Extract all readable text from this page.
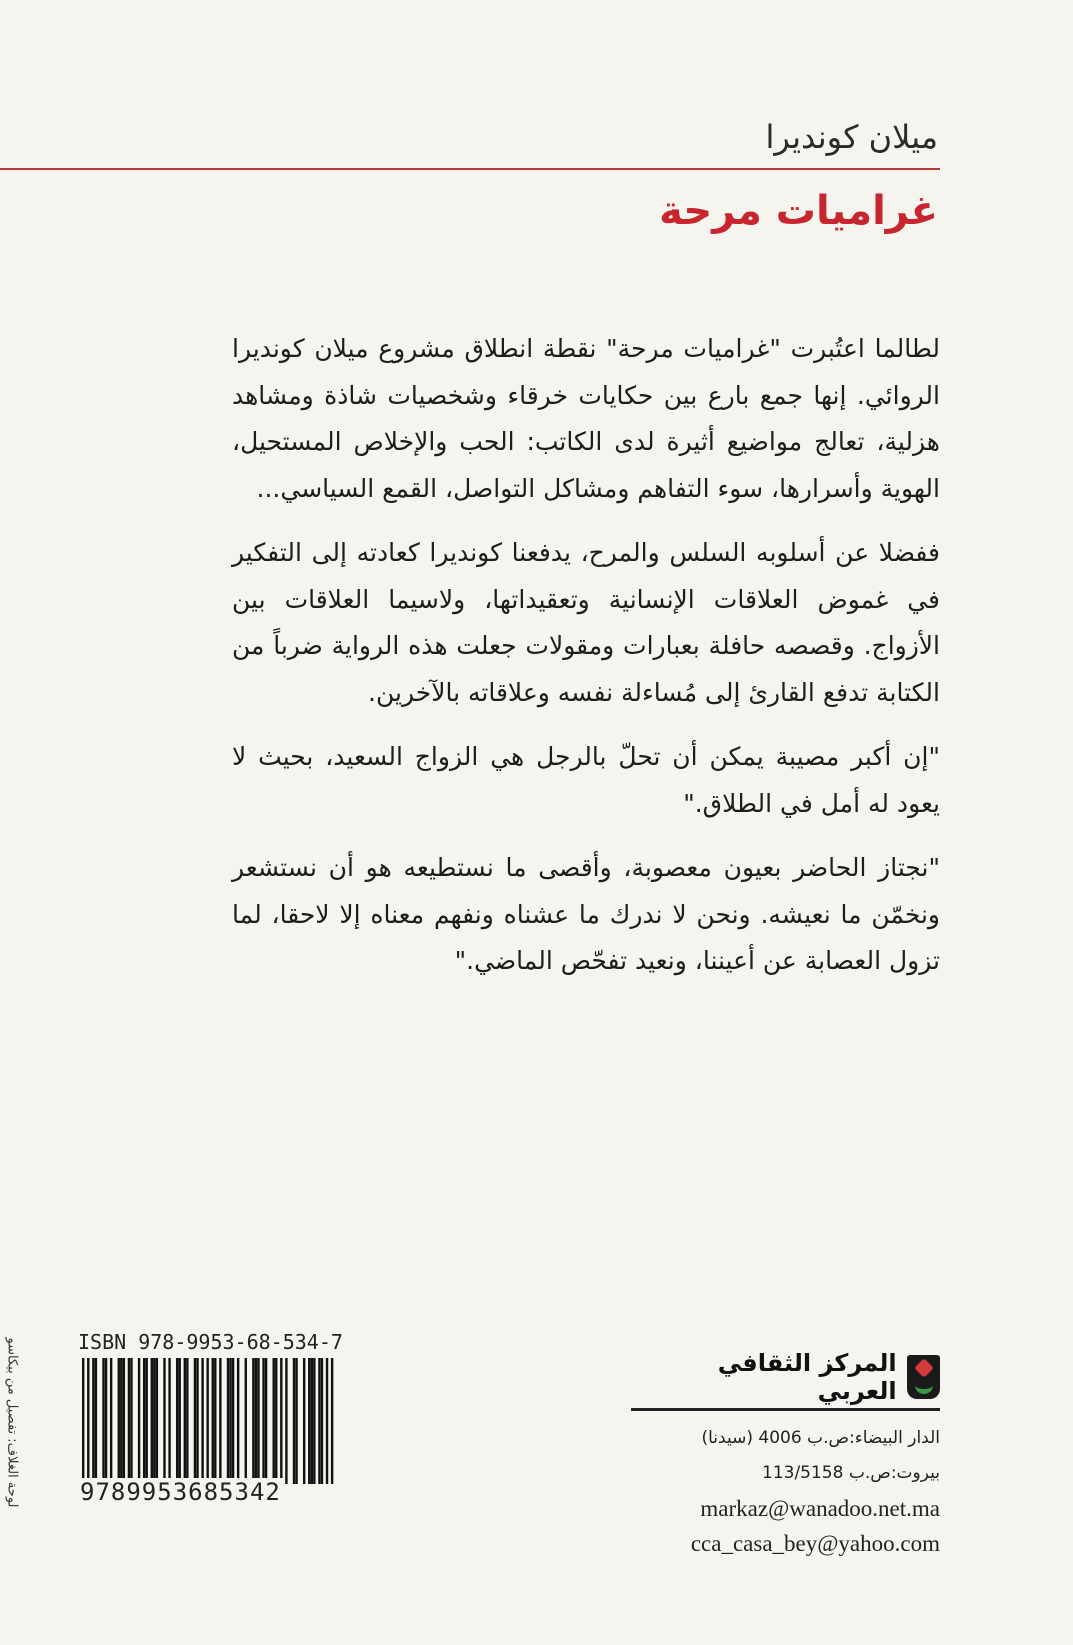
ميلان كونديرا
غراميات مرحة

لطالما اعتُبرت "غراميات مرحة" نقطة انطلاق مشروع ميلان كونديرا الروائي. إنها جمع بارع بين حكايات خرقاء وشخصيات شاذة ومشاهد هزلية، تعالج مواضيع أثيرة لدى الكاتب: الحب والإخلاص المستحيل، الهوية وأسرارها، سوء التفاهم ومشاكل التواصل، القمع السياسي...

ففضلا عن أسلوبه السلس والمرح، يدفعنا كونديرا كعادته إلى التفكير في غموض العلاقات الإنسانية وتعقيداتها، ولاسيما العلاقات بين الأزواج. وقصصه حافلة بعبارات ومقولات جعلت هذه الرواية ضرباً من الكتابة تدفع القارئ إلى مُساءلة نفسه وعلاقاته بالآخرين.

"إن أكبر مصيبة يمكن أن تحلّ بالرجل هي الزواج السعيد، بحيث لا يعود له أمل في الطلاق."

"نجتاز الحاضر بعيون معصوبة، وأقصى ما نستطيعه هو أن نستشعر ونخمّن ما نعيشه. ونحن لا ندرك ما عشناه ونفهم معناه إلا لاحقا، لما تزول العصابة عن أعيننا، ونعيد تفحّص الماضي."

المركز الثقافي العربي
الدار البيضاء:ص.ب 4006 (سيدنا)
بيروت:ص.ب 113/5158
markaz@wanadoo.net.ma
cca_casa_bey@yahoo.com
ISBN 978-9953-68-534-7
9789953685342
لوحة الغلاف: تفصيل من بيكاسو
